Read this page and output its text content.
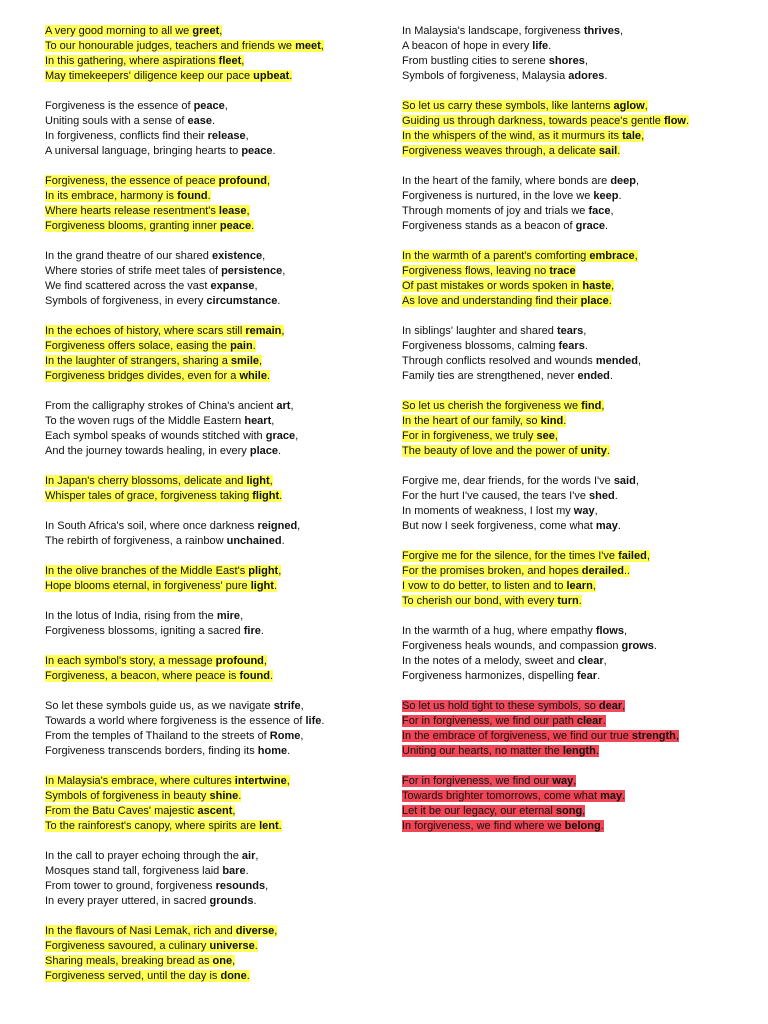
A very good morning to all we greet,
To our honourable judges, teachers and friends we meet,
In this gathering, where aspirations fleet,
May timekeepers' diligence keep our pace upbeat.
Forgiveness is the essence of peace,
Uniting souls with a sense of ease.
In forgiveness, conflicts find their release,
A universal language, bringing hearts to peace.
Forgiveness, the essence of peace profound,
In its embrace, harmony is found.
Where hearts release resentment's lease,
Forgiveness blooms, granting inner peace.
In the grand theatre of our shared existence,
Where stories of strife meet tales of persistence,
We find scattered across the vast expanse,
Symbols of forgiveness, in every circumstance.
In the echoes of history, where scars still remain,
Forgiveness offers solace, easing the pain.
In the laughter of strangers, sharing a smile,
Forgiveness bridges divides, even for a while.
From the calligraphy strokes of China's ancient art,
To the woven rugs of the Middle Eastern heart,
Each symbol speaks of wounds stitched with grace,
And the journey towards healing, in every place.
In Japan's cherry blossoms, delicate and light,
Whisper tales of grace, forgiveness taking flight.
In South Africa's soil, where once darkness reigned,
The rebirth of forgiveness, a rainbow unchained.
In the olive branches of the Middle East's plight,
Hope blooms eternal, in forgiveness' pure light.
In the lotus of India, rising from the mire,
Forgiveness blossoms, igniting a sacred fire.
In each symbol's story, a message profound,
Forgiveness, a beacon, where peace is found.
So let these symbols guide us, as we navigate strife,
Towards a world where forgiveness is the essence of life.
From the temples of Thailand to the streets of Rome,
Forgiveness transcends borders, finding its home.
In Malaysia's embrace, where cultures intertwine,
Symbols of forgiveness in beauty shine.
From the Batu Caves' majestic ascent,
To the rainforest's canopy, where spirits are lent.
In the call to prayer echoing through the air,
Mosques stand tall, forgiveness laid bare.
From tower to ground, forgiveness resounds,
In every prayer uttered, in sacred grounds.
In the flavours of Nasi Lemak, rich and diverse,
Forgiveness savoured, a culinary universe.
Sharing meals, breaking bread as one,
Forgiveness served, until the day is done.
In Malaysia's landscape, forgiveness thrives,
A beacon of hope in every life.
From bustling cities to serene shores,
Symbols of forgiveness, Malaysia adores.
So let us carry these symbols, like lanterns aglow,
Guiding us through darkness, towards peace's gentle flow.
In the whispers of the wind, as it murmurs its tale,
Forgiveness weaves through, a delicate sail.
In the heart of the family, where bonds are deep,
Forgiveness is nurtured, in the love we keep.
Through moments of joy and trials we face,
Forgiveness stands as a beacon of grace.
In the warmth of a parent's comforting embrace,
Forgiveness flows, leaving no trace
Of past mistakes or words spoken in haste,
As love and understanding find their place.
In siblings' laughter and shared tears,
Forgiveness blossoms, calming fears.
Through conflicts resolved and wounds mended,
Family ties are strengthened, never ended.
So let us cherish the forgiveness we find,
In the heart of our family, so kind.
For in forgiveness, we truly see,
The beauty of love and the power of unity.
Forgive me, dear friends, for the words I've said,
For the hurt I've caused, the tears I've shed.
In moments of weakness, I lost my way,
But now I seek forgiveness, come what may.
Forgive me for the silence, for the times I've failed,
For the promises broken, and hopes derailed..
I vow to do better, to listen and to learn,
To cherish our bond, with every turn.
In the warmth of a hug, where empathy flows,
Forgiveness heals wounds, and compassion grows.
In the notes of a melody, sweet and clear,
Forgiveness harmonizes, dispelling fear.
So let us hold tight to these symbols, so dear,
For in forgiveness, we find our path clear.
In the embrace of forgiveness, we find our true strength,
Uniting our hearts, no matter the length.
For in forgiveness, we find our way,
Towards brighter tomorrows, come what may.
Let it be our legacy, our eternal song,
In forgiveness, we find where we belong.
